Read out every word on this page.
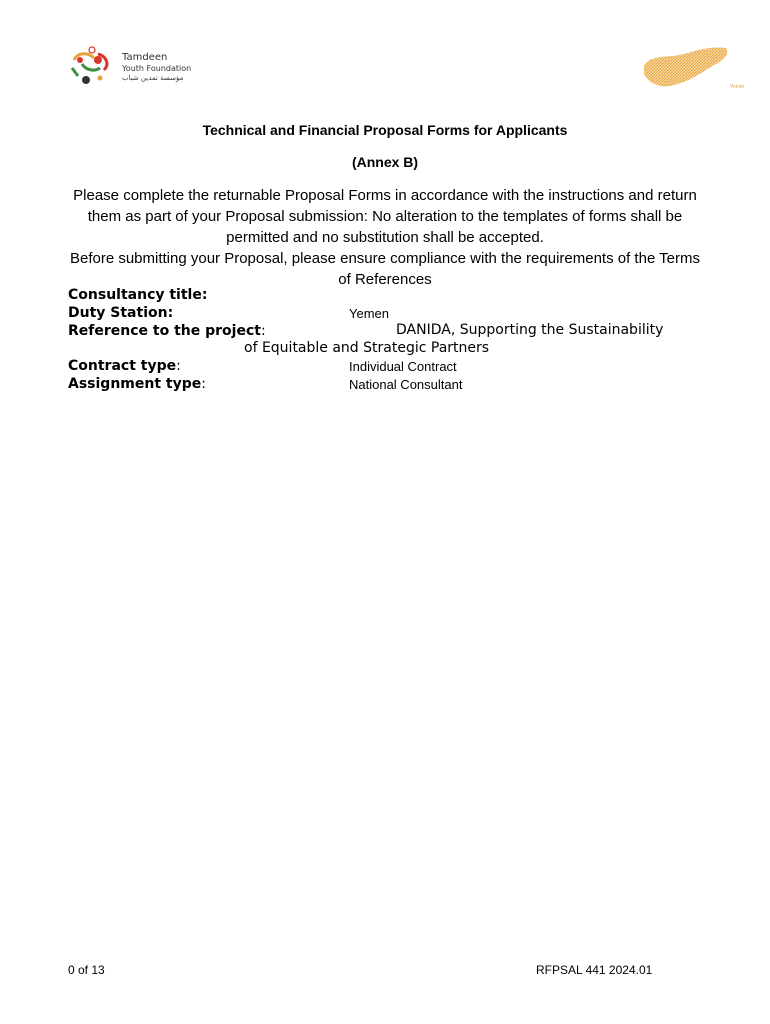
Tamdeen
Youth Foundation
مؤسسة تمدين شباب
Yemen
Technical and Financial Proposal Forms for Applicants
(Annex B)

Please complete the returnable Proposal Forms in accordance with the instructions and return them as part of your Proposal submission: No alteration to the templates of forms shall be permitted and no substitution shall be accepted.

Before submitting your Proposal, please ensure compliance with the requirements of the Terms of References

Consultancy title:
Duty Station:	Yemen
Reference to the project:	DANIDA, Supporting the Sustainability
of Equitable and Strategic Partners
Contract type:	Individual Contract
Assignment type:	National Consultant
0 of 13	RFPSAL 441 2024.01
